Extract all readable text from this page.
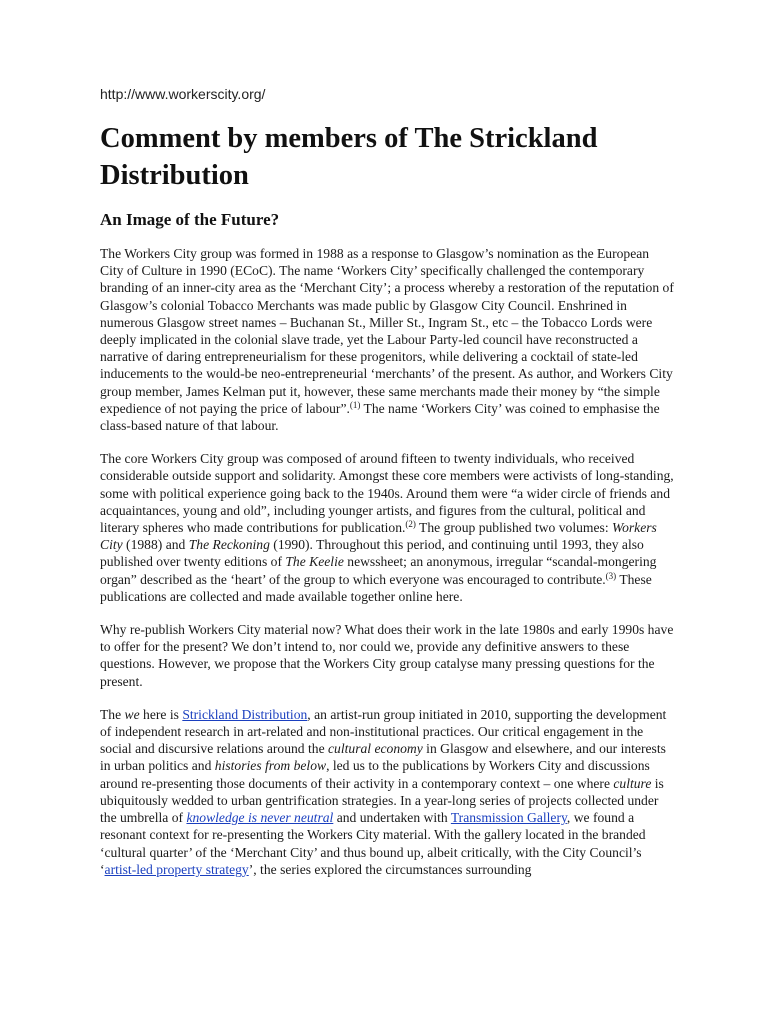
http://www.workerscity.org/
Comment by members of The Strickland Distribution
An Image of the Future?

The Workers City group was formed in 1988 as a response to Glasgow’s nomination as the European City of Culture in 1990 (ECoC). The name ‘Workers City’ specifically challenged the contemporary branding of an inner-city area as the ‘Merchant City’; a process whereby a restoration of the reputation of Glasgow’s colonial Tobacco Merchants was made public by Glasgow City Council. Enshrined in numerous Glasgow street names – Buchanan St., Miller St., Ingram St., etc – the Tobacco Lords were deeply implicated in the colonial slave trade, yet the Labour Party-led council have reconstructed a narrative of daring entrepreneurialism for these progenitors, while delivering a cocktail of state-led inducements to the would-be neo-entrepreneurial ‘merchants’ of the present. As author, and Workers City group member, James Kelman put it, however, these same merchants made their money by “the simple expedience of not paying the price of labour”.$^{(1)}$ The name ‘Workers City’ was coined to emphasise the class-based nature of that labour.

The core Workers City group was composed of around fifteen to twenty individuals, who received considerable outside support and solidarity. Amongst these core members were activists of long-standing, some with political experience going back to the 1940s. Around them were “a wider circle of friends and acquaintances, young and old”, including younger artists, and figures from the cultural, political and literary spheres who made contributions for publication.$^{(2)}$ The group published two volumes: Workers City (1988) and The Reckoning (1990). Throughout this period, and continuing until 1993, they also published over twenty editions of The Keelie newssheet; an anonymous, irregular “scandal-mongering organ” described as the ‘heart’ of the group to which everyone was encouraged to contribute.$^{(3)}$ These publications are collected and made available together online here.

Why re-publish Workers City material now? What does their work in the late 1980s and early 1990s have to offer for the present? We don’t intend to, nor could we, provide any definitive answers to these questions. However, we propose that the Workers City group catalyse many pressing questions for the present.

The we here is Strickland Distribution, an artist-run group initiated in 2010, supporting the development of independent research in art-related and non-institutional practices. Our critical engagement in the social and discursive relations around the cultural economy in Glasgow and elsewhere, and our interests in urban politics and histories from below, led us to the publications by Workers City and discussions around re-presenting those documents of their activity in a contemporary context – one where culture is ubiquitously wedded to urban gentrification strategies. In a year-long series of projects collected under the umbrella of knowledge is never neutral and undertaken with Transmission Gallery, we found a resonant context for re-presenting the Workers City material. With the gallery located in the branded ‘cultural quarter’ of the ‘Merchant City’ and thus bound up, albeit critically, with the City Council’s ‘artist-led property strategy’, the series explored the circumstances surrounding
